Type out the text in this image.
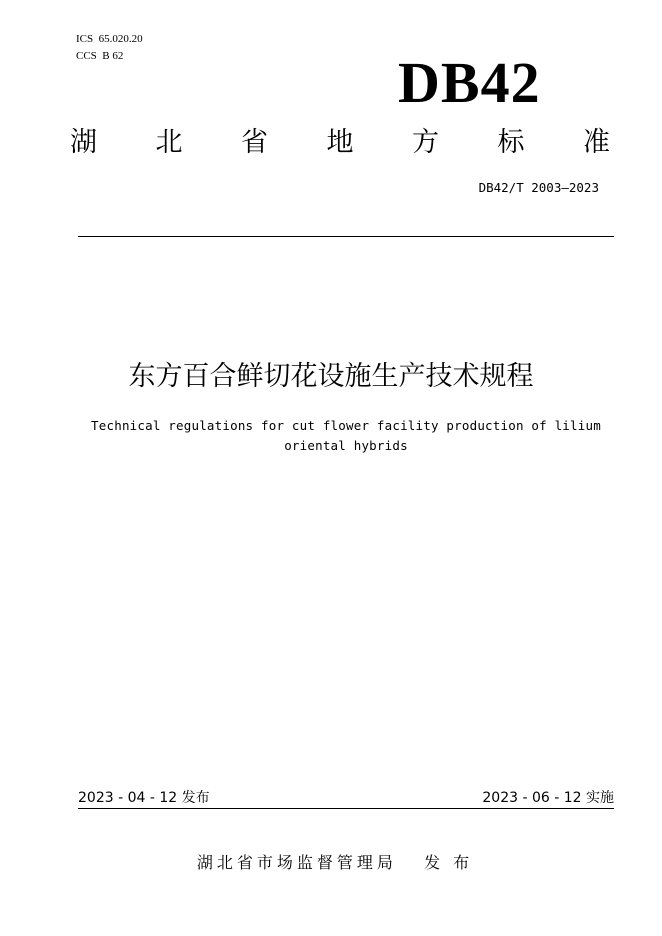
ICS  65.020.20
CCS  B 62	DB42
湖 北 省 地 方 标 准
DB42/T 2003—2023
东方百合鲜切花设施生产技术规程
Technical regulations for cut flower facility production of lilium oriental hybrids
2023 - 04 - 12 发布	2023 - 06 - 12 实施
湖北省市场监督管理局   发 布
